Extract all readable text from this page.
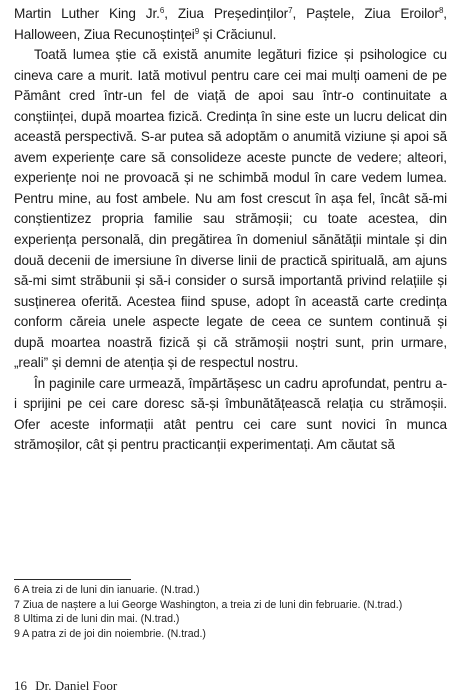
Martin Luther King Jr.$^6$, Ziua Președinților$^7$, Paștele, Ziua Eroilor$^8$, Halloween, Ziua Recunoștinței$^9$ și Crăciunul.

Toată lumea știe că există anumite legături fizice și psihologice cu cineva care a murit. Iată motivul pentru care cei mai mulți oameni de pe Pământ cred într-un fel de viață de apoi sau într-o continuitate a conștiinței, după moartea fizică. Credința în sine este un lucru delicat din această perspectivă. S-ar putea să adoptăm o anumită viziune și apoi să avem experiențe care să consolideze aceste puncte de vedere; alteori, experiențe noi ne provoacă și ne schimbă modul în care vedem lumea. Pentru mine, au fost ambele. Nu am fost crescut în așa fel, încât să-mi conștientizez propria familie sau strămoșii; cu toate acestea, din experiența personală, din pregătirea în domeniul sănătății mintale și din două decenii de imersiune în diverse linii de practică spirituală, am ajuns să-mi simt străbunii și să-i consider o sursă importantă privind relațiile și susținerea oferită. Acestea fiind spuse, adopt în această carte credința conform căreia unele aspecte legate de ceea ce suntem continuă și după moartea noastră fizică și că strămoșii noștri sunt, prin urmare, „reali” și demni de atenția și de respectul nostru.

În paginile care urmează, împărtășesc un cadru aprofundat, pentru a-i sprijini pe cei care doresc să-și îmbunătățească relația cu strămoșii. Ofer aceste informații atât pentru cei care sunt novici în munca strămoșilor, cât și pentru practicanții experimentați. Am căutat să

6 A treia zi de luni din ianuarie. (N.trad.)

7 Ziua de naștere a lui George Washington, a treia zi de luni din februarie. (N.trad.)

8 Ultima zi de luni din mai. (N.trad.)

9 A patra zi de joi din noiembrie. (N.trad.)

16 Dr. Daniel Foor
